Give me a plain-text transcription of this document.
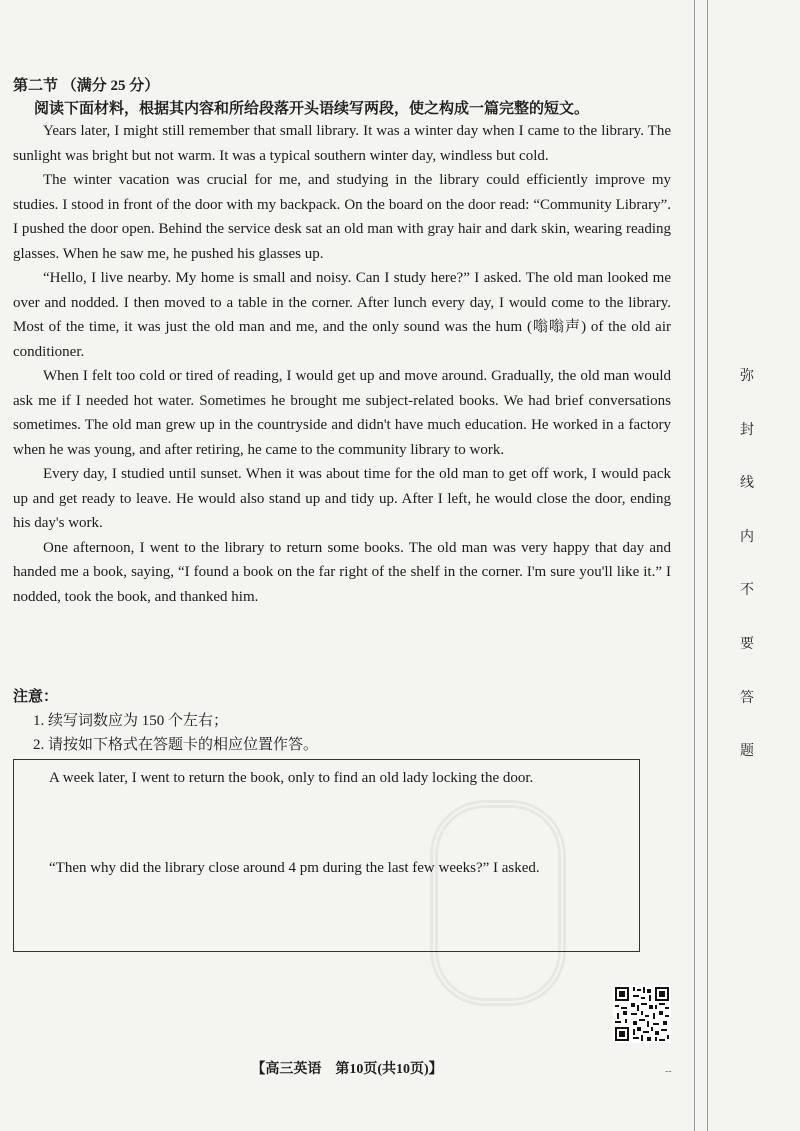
第二节 （满分 25 分）
阅读下面材料，根据其内容和所给段落开头语续写两段，使之构成一篇完整的短文。

Years later, I might still remember that small library. It was a winter day when I came to the library. The sunlight was bright but not warm. It was a typical southern winter day, windless but cold.

The winter vacation was crucial for me, and studying in the library could efficiently improve my studies. I stood in front of the door with my backpack. On the board on the door read: “Community Library”. I pushed the door open. Behind the service desk sat an old man with gray hair and dark skin, wearing reading glasses. When he saw me, he pushed his glasses up.

“Hello, I live nearby. My home is small and noisy. Can I study here?” I asked. The old man looked me over and nodded. I then moved to a table in the corner. After lunch every day, I would come to the library. Most of the time, it was just the old man and me, and the only sound was the hum (嗡嗡声) of the old air conditioner.

When I felt too cold or tired of reading, I would get up and move around. Gradually, the old man would ask me if I needed hot water. Sometimes he brought me subject-related books. We had brief conversations sometimes. The old man grew up in the countryside and didn't have much education. He worked in a factory when he was young, and after retiring, he came to the community library to work.

Every day, I studied until sunset. When it was about time for the old man to get off work, I would pack up and get ready to leave. He would also stand up and tidy up. After I left, he would close the door, ending his day's work.

One afternoon, I went to the library to return some books. The old man was very happy that day and handed me a book, saying, “I found a book on the far right of the shelf in the corner. I'm sure you'll like it.” I nodded, took the book, and thanked him.

注意：
1. 续写词数应为 150 个左右；
2. 请按如下格式在答题卡的相应位置作答。
A week later, I went to return the book, only to find an old lady locking the door.
“Then why did the library close around 4 pm during the last few weeks?” I asked.
弥
封
线
内
不
要
答
题
【高三英语　第10页(共10页)】	--
